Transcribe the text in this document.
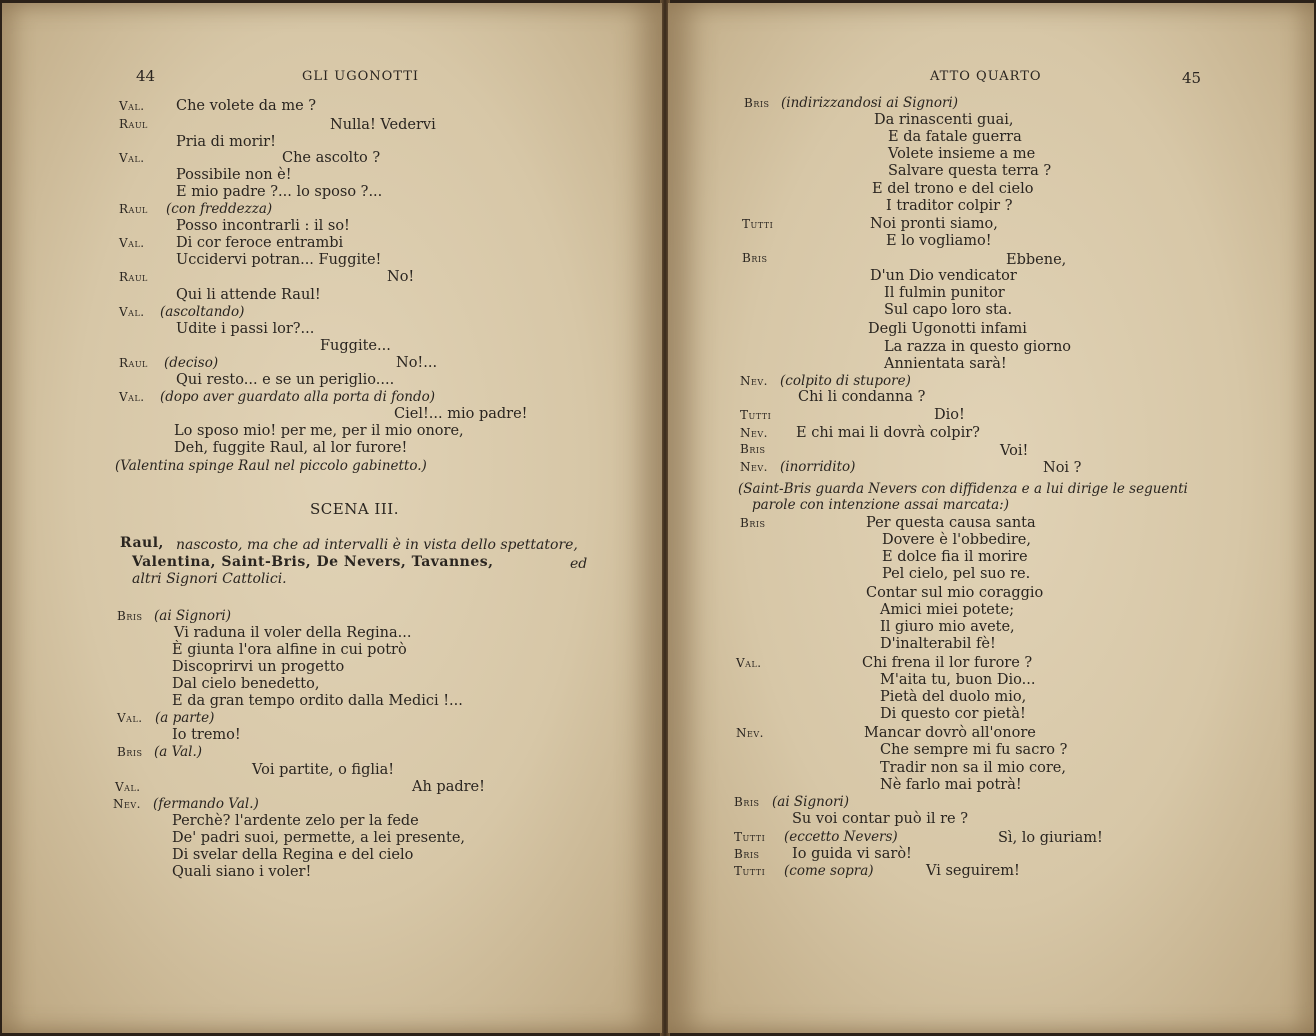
44	GLI UGONOTTI
Val. Che volete da me ?
Raul	Nulla! Vedervi
Pria di morir!
Val.	Che ascolto ?
Possibile non è!
E mio padre ?... lo sposo ?...
Raul (con freddezza)
Posso incontrarli : il so!
Val. Di cor feroce entrambi
Uccidervi potran... Fuggite!
Raul	No!
Qui li attende Raul!
Val. (ascoltando)
Udite i passi lor?...
Fuggite...
Raul (deciso)	No!...
Qui resto... e se un periglio....
Val. (dopo aver guardato alla porta di fondo)
Ciel!... mio padre!
Lo sposo mio! per me, per il mio onore,
Deh, fuggite Raul, al lor furore!
(Valentina spinge Raul nel piccolo gabinetto.)
SCENA III.
Raul, nascosto, ma che ad intervalli è in vista dello spettatore,
Valentina, Saint-Bris, De Nevers, Tavannes,	ed
altri Signori Cattolici.
Bris (ai Signori)
Vi raduna il voler della Regina...
È giunta l'ora alfine in cui potrò
Discoprirvi un progetto
Dal cielo benedetto,
E da gran tempo ordito dalla Medici !...
Val. (a parte)
Io tremo!
Bris (a Val.)
Voi partite, o figlia!
Val.	Ah padre!
Nev. (fermando Val.)
Perchè? l'ardente zelo per la fede
De' padri suoi, permette, a lei presente,
Di svelar della Regina e del cielo
Quali siano i voler!
ATTO QUARTO	45
Bris (indirizzandosi ai Signori)
Da rinascenti guai,
E da fatale guerra
Volete insieme a me
Salvare questa terra ?
E del trono e del cielo
I traditor colpir ?
Tutti	Noi pronti siamo,
E lo vogliamo!
Bris	Ebbene,
D'un Dio vendicator
Il fulmin punitor
Sul capo loro sta.
Degli Ugonotti infami
La razza in questo giorno
Annientata sarà!
Nev. (colpito di stupore)
Chi li condanna ?
Tutti	Dio!
Nev. E chi mai li dovrà colpir?
Bris	Voi!
Nev. (inorridito)	Noi ?
(Saint-Bris guarda Nevers con diffidenza e a lui dirige le seguenti
parole con intenzione assai marcata:)
Bris	Per questa causa santa
Dovere è l'obbedire,
E dolce fia il morire
Pel cielo, pel suo re.
Contar sul mio coraggio
Amici miei potete;
Il giuro mio avete,
D'inalterabil fè!
Val.	Chi frena il lor furore ?
M'aita tu, buon Dio...
Pietà del duolo mio,
Di questo cor pietà!
Nev.	Mancar dovrò all'onore
Che sempre mi fu sacro ?
Tradir non sa il mio core,
Nè farlo mai potrà!
Bris (ai Signori)
Su voi contar può il re ?
Tutti (eccetto Nevers)	Sì, lo giuriam!
Bris Io guida vi sarò!
Tutti (come sopra)	Vi seguirem!
